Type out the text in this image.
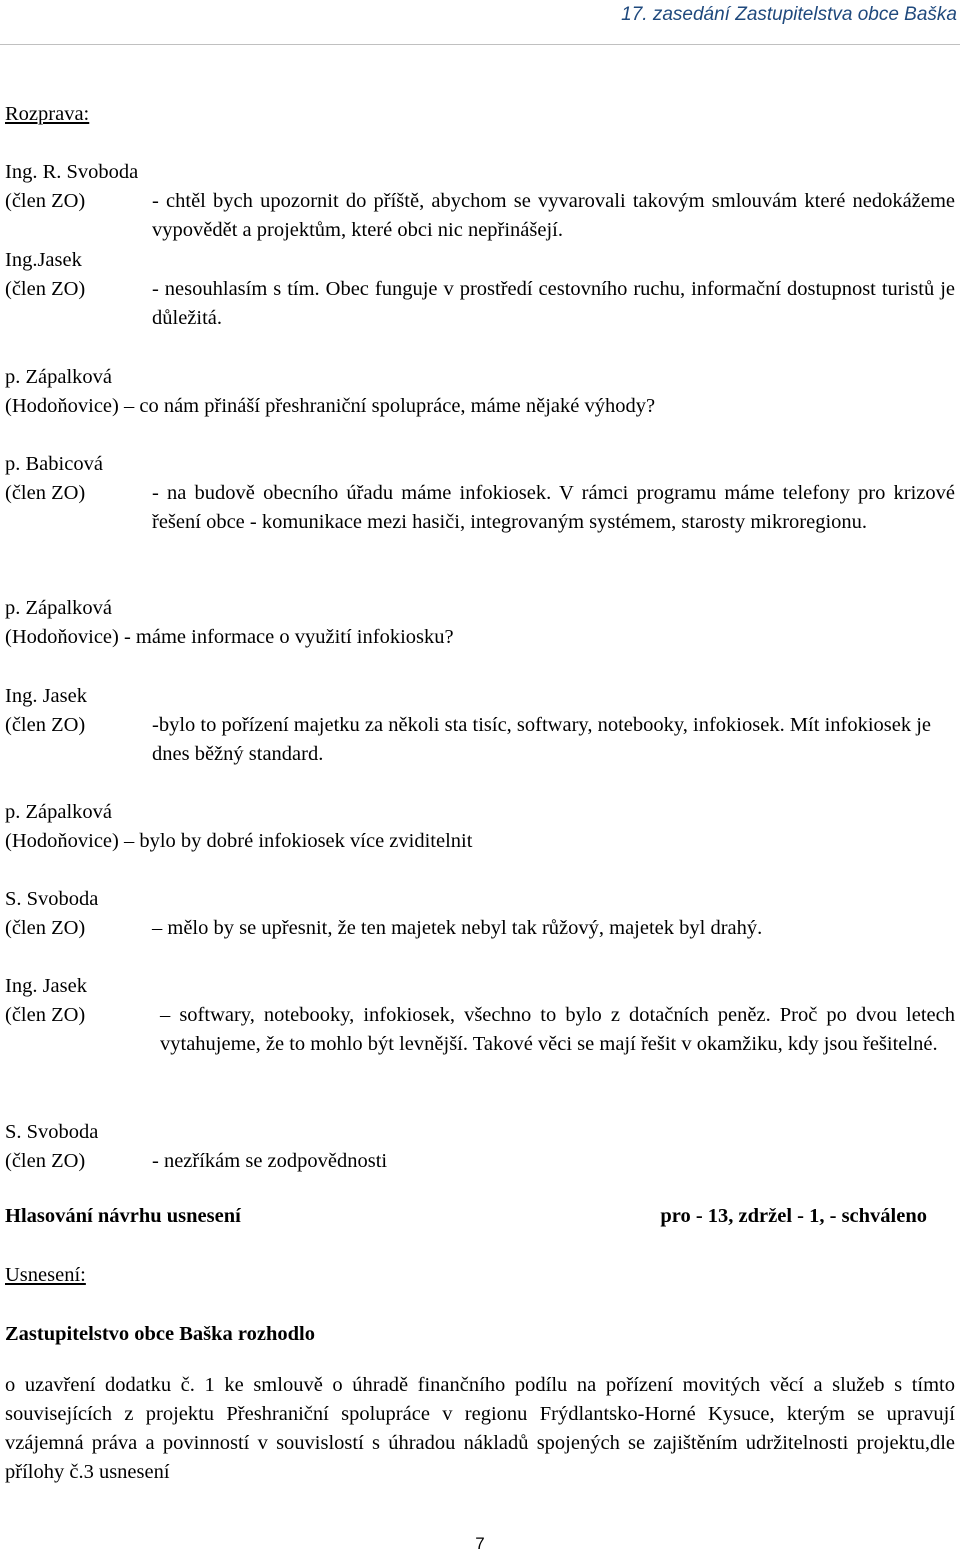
17. zasedání Zastupitelstva obce Baška
Rozprava:
Ing. R. Svoboda
(člen ZO)	- chtěl bych upozornit do příště, abychom se vyvarovali takovým smlouvám které nedokážeme vypovědět a projektům, které obci nic nepřinášejí.
Ing.Jasek
(člen ZO)	- nesouhlasím s tím. Obec funguje v prostředí cestovního ruchu, informační dostupnost turistů je důležitá.
p. Zápalková
(Hodoňovice) – co nám přináší přeshraniční spolupráce, máme nějaké výhody?
p. Babicová
(člen ZO)	- na budově obecního úřadu máme infokiosek. V rámci programu máme telefony pro krizové řešení obce - komunikace mezi hasiči, integrovaným systémem, starosty mikroregionu.
p. Zápalková
(Hodoňovice) - máme informace o využití infokiosku?
Ing. Jasek
(člen ZO)	-bylo to pořízení majetku za několi sta tisíc, softwary, notebooky, infokiosek. Mít infokiosek je dnes běžný standard.
p. Zápalková
(Hodoňovice) – bylo by dobré infokiosek více zviditelnit
S. Svoboda
(člen ZO)	– mělo by se upřesnit, že ten majetek nebyl tak růžový, majetek byl drahý.
Ing. Jasek
(člen ZO)	– softwary, notebooky, infokiosek, všechno to bylo z dotačních peněz. Proč po dvou letech vytahujeme, že to mohlo být levnější. Takové věci se mají řešit v okamžiku, kdy jsou řešitelné.
S. Svoboda
(člen ZO)	- nezříkám se zodpovědnosti
Hlasování návrhu usnesení	pro - 13, zdržel - 1, - schváleno
Usnesení:
Zastupitelstvo obce Baška rozhodlo
o uzavření dodatku č. 1 ke smlouvě o úhradě finančního podílu na pořízení movitých věcí a služeb s tímto souvisejících z projektu Přeshraniční spolupráce v regionu Frýdlantsko-Horné Kysuce, kterým se upravují vzájemná práva a povinností v souvislostí s úhradou nákladů spojených se zajištěním udržitelnosti projektu,dle přílohy č.3 usnesení
7
